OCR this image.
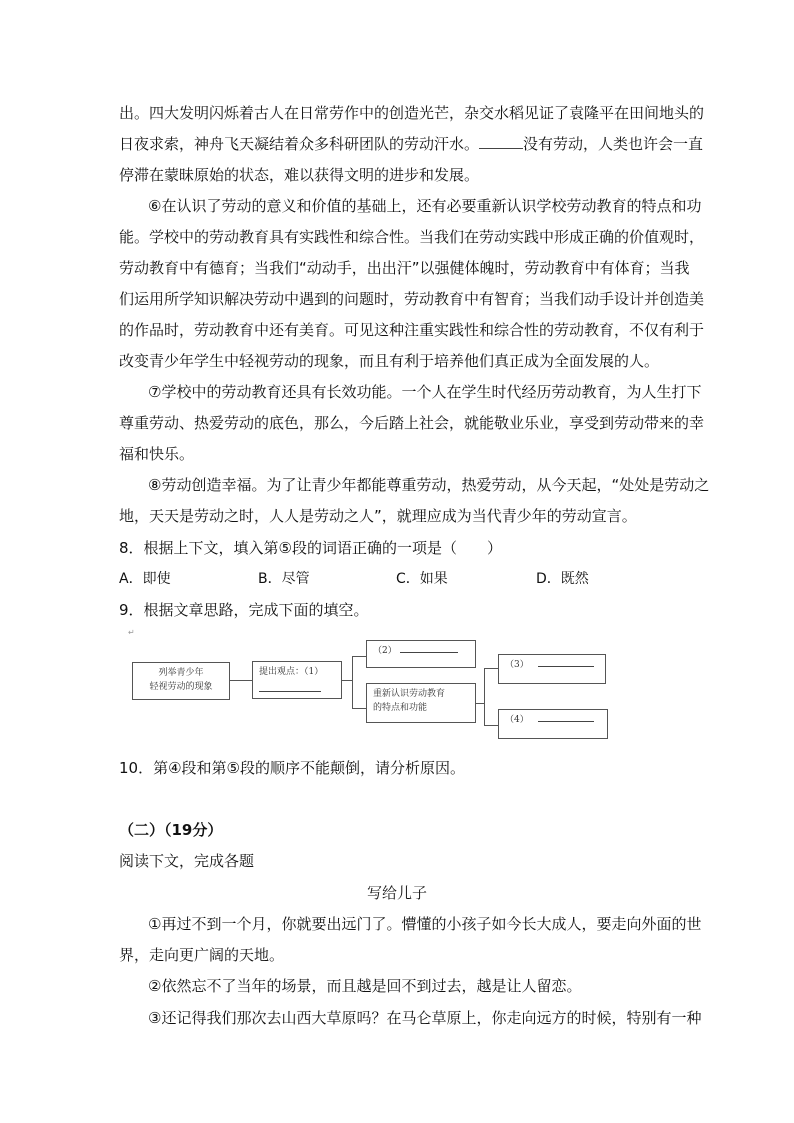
出。四大发明闪烁着古人在日常劳作中的创造光芒，杂交水稻见证了袁隆平在田间地头的
日夜求索，神舟飞天凝结着众多科研团队的劳动汗水。	没有劳动，人类也许会一直
停滞在蒙昧原始的状态，难以获得文明的进步和发展。
⑥在认识了劳动的意义和价值的基础上，还有必要重新认识学校劳动教育的特点和功
能。学校中的劳动教育具有实践性和综合性。当我们在劳动实践中形成正确的价值观时，
劳动教育中有德育；当我们“动动手，出出汗”以强健体魄时，劳动教育中有体育；当我
们运用所学知识解决劳动中遇到的问题时，劳动教育中有智育；当我们动手设计并创造美
的作品时，劳动教育中还有美育。可见这种注重实践性和综合性的劳动教育，不仅有利于
改变青少年学生中轻视劳动的现象，而且有利于培养他们真正成为全面发展的人。
⑦学校中的劳动教育还具有长效功能。一个人在学生时代经历劳动教育，为人生打下
尊重劳动、热爱劳动的底色，那么，今后踏上社会，就能敬业乐业，享受到劳动带来的幸
福和快乐。
⑧劳动创造幸福。为了让青少年都能尊重劳动，热爱劳动，从今天起，“处处是劳动之
地，天天是劳动之时，人人是劳动之人”，就理应成为当代青少年的劳动宣言。
8．根据上下文，填入第⑤段的词语正确的一项是（　　）
A．即使	B．尽管	C．如果	D．既然
9．根据文章思路，完成下面的填空。
↵
列举青少年
轻视劳动的现象
提出观点：（1）
（2）
重新认识劳动教育
的特点和功能
（3）
（4）
10．第④段和第⑤段的顺序不能颠倒，请分析原因。
（二）（19分）
阅读下文，完成各题
写给儿子
①再过不到一个月，你就要出远门了。懵懂的小孩子如今长大成人，要走向外面的世
界，走向更广阔的天地。
②依然忘不了当年的场景，而且越是回不到过去，越是让人留恋。
③还记得我们那次去山西大草原吗？在马仑草原上，你走向远方的时候，特别有一种
